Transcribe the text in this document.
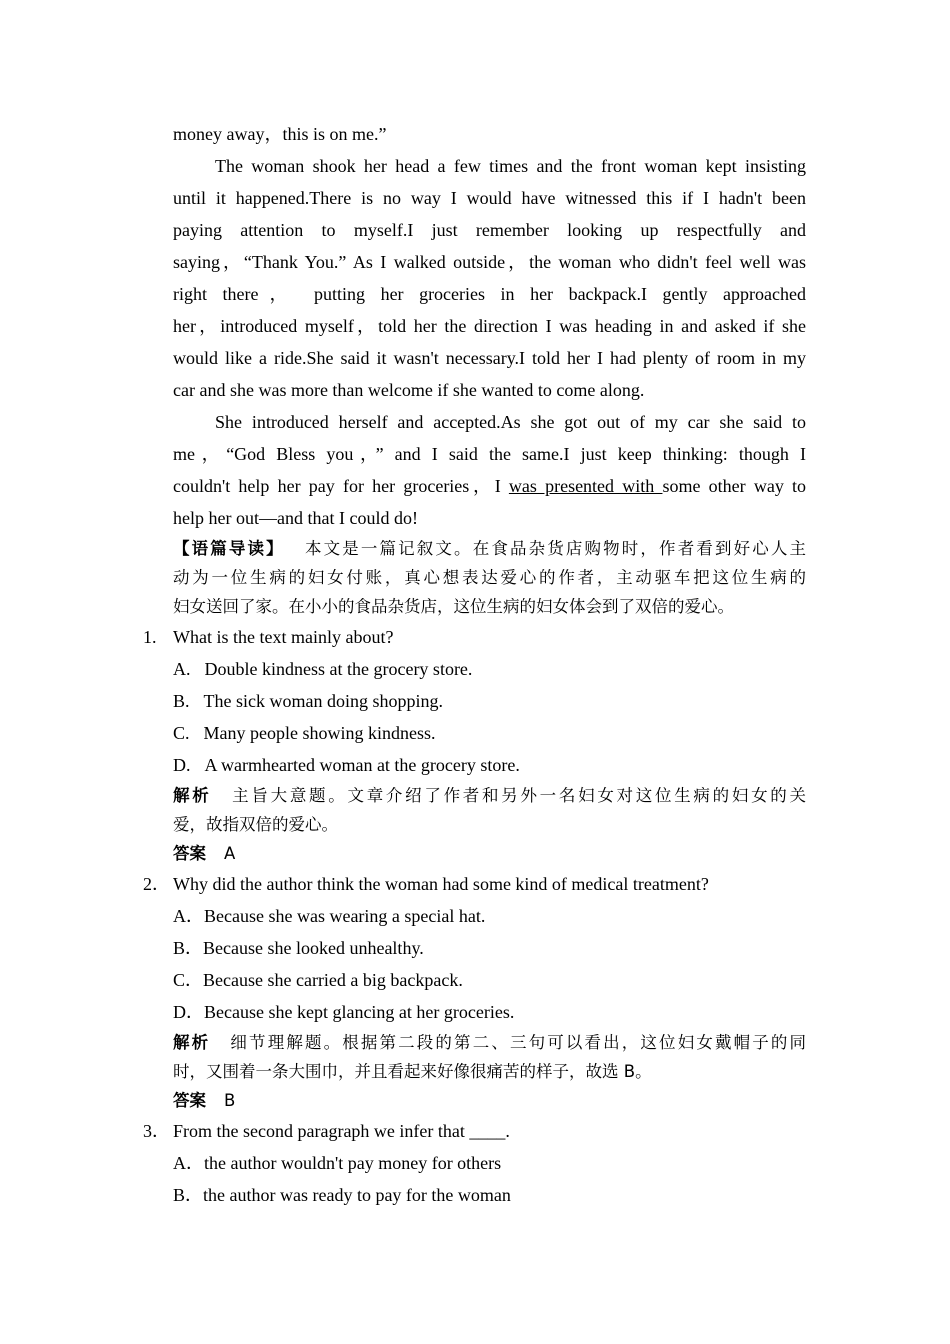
money away，this is on me.”
The woman shook her head a few times and the front woman kept insisting
until it happened.There is no way I would have witnessed this if I hadn't been
paying attention to myself.I just remember looking up respectfully and
saying，“Thank You.” As I walked outside，the woman who didn't feel well was
right there， putting her groceries in her backpack.I gently approached
her，introduced myself，told her the direction I was heading in and asked if she
would like a ride.She said it wasn't necessary.I told her I had plenty of room in my
car and she was more than welcome if she wanted to come along.
She introduced herself and accepted.As she got out of my car she said to
me，“God Bless you，” and I said the same.I just keep thinking: though I
couldn't help her pay for her groceries，I was presented with some other way to
help her out—and that I could do!
【语篇导读】 本文是一篇记叙文。在食品杂货店购物时，作者看到好心人主
动为一位生病的妇女付账，真心想表达爱心的作者，主动驱车把这位生病的
妇女送回了家。在小小的食品杂货店，这位生病的妇女体会到了双倍的爱心。
1. What is the text mainly about?
A. Double kindness at the grocery store.
B. The sick woman doing shopping.
C. Many people showing kindness.
D. A warmhearted woman at the grocery store.
解析 主旨大意题。文章介绍了作者和另外一名妇女对这位生病的妇女的关
爱，故指双倍的爱心。
答案 A
2． Why did the author think the woman had some kind of medical treatment?
A．Because she was wearing a special hat.
B．Because she looked unhealthy.
C．Because she carried a big backpack.
D．Because she kept glancing at her groceries.
解析 细节理解题。根据第二段的第二、三句可以看出，这位妇女戴帽子的同
时，又围着一条大围巾，并且看起来好像很痛苦的样子，故选 B。
答案 B
3． From the second paragraph we infer that ____.
A．the author wouldn't pay money for others
B．the author was ready to pay for the woman
